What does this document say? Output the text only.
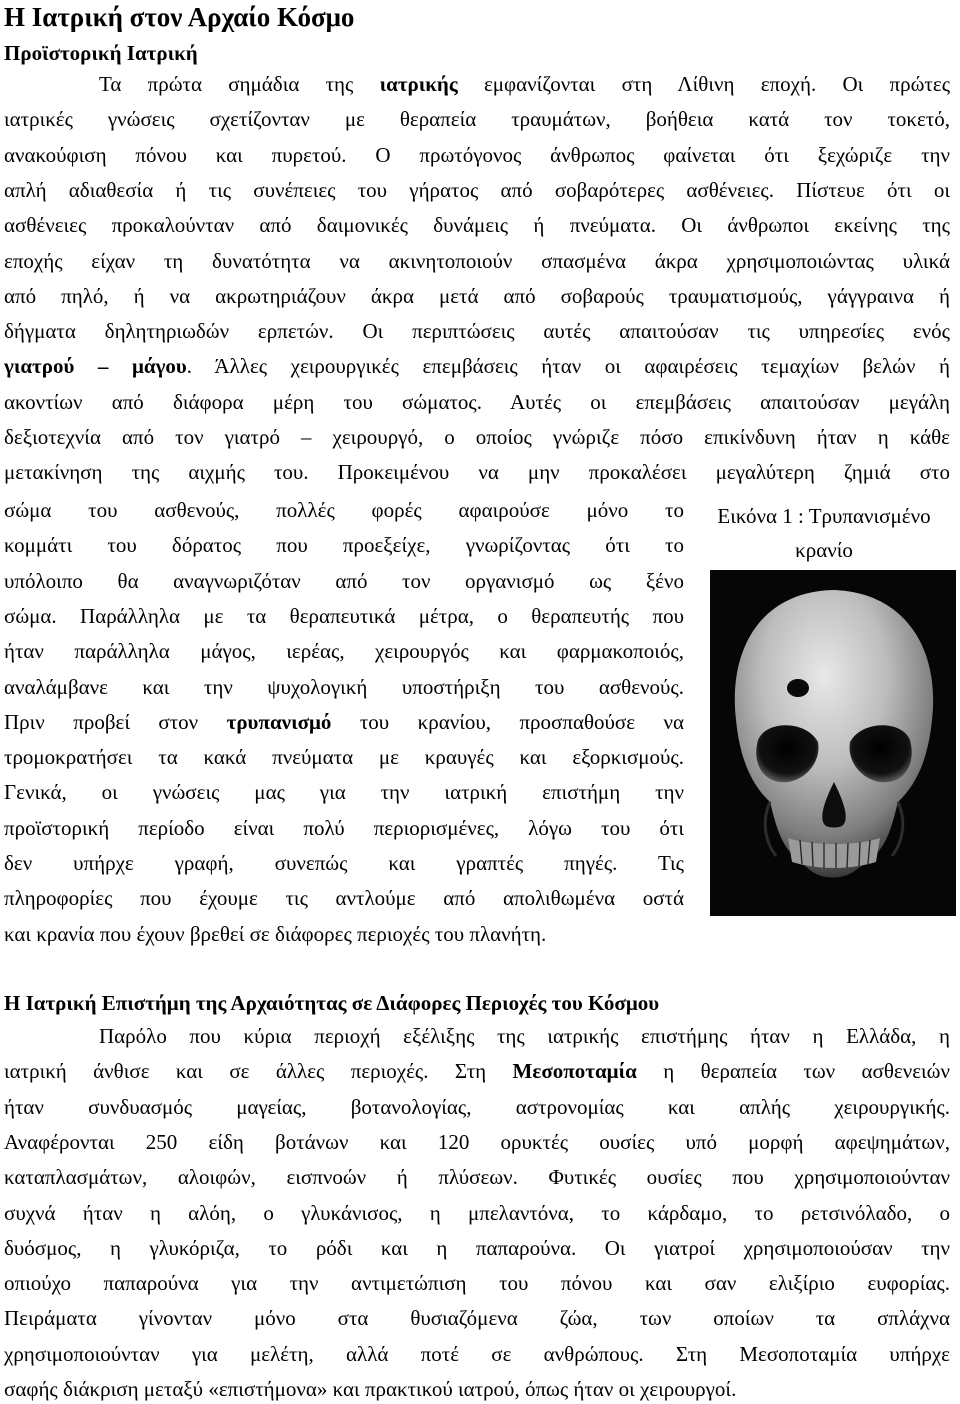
Η Ιατρική στον Αρχαίο Κόσμο
Προϊστορική Ιατρική
Τα πρώτα σημάδια της ιατρικής εμφανίζονται στη Λίθινη εποχή. Οι πρώτες
ιατρικές γνώσεις σχετίζονταν με θεραπεία τραυμάτων, βοήθεια κατά τον τοκετό,
ανακούφιση πόνου και πυρετού. Ο πρωτόγονος άνθρωπος φαίνεται ότι ξεχώριζε την
απλή αδιαθεσία ή τις συνέπειες του γήρατος από σοβαρότερες ασθένειες. Πίστευε ότι οι
ασθένειες προκαλούνταν από δαιμονικές δυνάμεις ή πνεύματα. Οι άνθρωποι εκείνης της
εποχής είχαν τη δυνατότητα να ακινητοποιούν σπασμένα άκρα χρησιμοποιώντας υλικά
από πηλό, ή να ακρωτηριάζουν άκρα μετά από σοβαρούς τραυματισμούς, γάγγραινα ή
δήγματα δηλητηριωδών ερπετών. Οι περιπτώσεις αυτές απαιτούσαν τις υπηρεσίες ενός
γιατρού – μάγου. Άλλες χειρουργικές επεμβάσεις ήταν οι αφαιρέσεις τεμαχίων βελών ή
ακοντίων από διάφορα μέρη του σώματος. Αυτές οι επεμβάσεις απαιτούσαν μεγάλη
δεξιοτεχνία από τον γιατρό – χειρουργό, ο οποίος γνώριζε πόσο επικίνδυνη ήταν η κάθε
μετακίνηση της αιχμής του. Προκειμένου να μην προκαλέσει μεγαλύτερη ζημιά στο
σώμα του ασθενούς, πολλές φορές αφαιρούσε μόνο το
κομμάτι του δόρατος που προεξείχε, γνωρίζοντας ότι το
υπόλοιπο θα αναγνωριζόταν από τον οργανισμό ως ξένο
σώμα. Παράλληλα με τα θεραπευτικά μέτρα, ο θεραπευτής που
ήταν παράλληλα μάγος, ιερέας, χειρουργός και φαρμακοποιός,
αναλάμβανε και την ψυχολογική υποστήριξη του ασθενούς.
Πριν προβεί στον τρυπανισμό του κρανίου, προσπαθούσε να
τρομοκρατήσει τα κακά πνεύματα με κραυγές και εξορκισμούς.
Γενικά, οι γνώσεις μας για την ιατρική επιστήμη την
προϊστορική περίοδο είναι πολύ περιορισμένες, λόγω του ότι
δεν υπήρχε γραφή, συνεπώς και γραπτές πηγές. Τις
πληροφορίες που έχουμε τις αντλούμε από απολιθωμένα οστά
και κρανία που έχουν βρεθεί σε διάφορες περιοχές του πλανήτη.
Εικόνα 1 : Τρυπανισμένο
κρανίο
Η Ιατρική Επιστήμη της Αρχαιότητας σε Διάφορες Περιοχές του Κόσμου
Παρόλο που κύρια περιοχή εξέλιξης της ιατρικής επιστήμης ήταν η Ελλάδα, η
ιατρική άνθισε και σε άλλες περιοχές. Στη Μεσοποταμία η θεραπεία των ασθενειών
ήταν συνδυασμός μαγείας, βοτανολογίας, αστρονομίας και απλής χειρουργικής.
Αναφέρονται 250 είδη βοτάνων και 120 ορυκτές ουσίες υπό μορφή αφεψημάτων,
καταπλασμάτων, αλοιφών, εισπνοών ή πλύσεων. Φυτικές ουσίες που χρησιμοποιούνταν
συχνά ήταν η αλόη, ο γλυκάνισος, η μπελαντόνα, το κάρδαμο, το ρετσινόλαδο, ο
δυόσμος, η γλυκόριζα, το ρόδι και η παπαρούνα. Οι γιατροί χρησιμοποιούσαν την
οπιούχο παπαρούνα για την αντιμετώπιση του πόνου και σαν ελιξίριο ευφορίας.
Πειράματα γίνονταν μόνο στα θυσιαζόμενα ζώα, των οποίων τα σπλάχνα
χρησιμοποιούνταν για μελέτη, αλλά ποτέ σε ανθρώπους. Στη Μεσοποταμία υπήρχε
σαφής διάκριση μεταξύ «επιστήμονα» και πρακτικού ιατρού, όπως ήταν οι χειρουργοί.
